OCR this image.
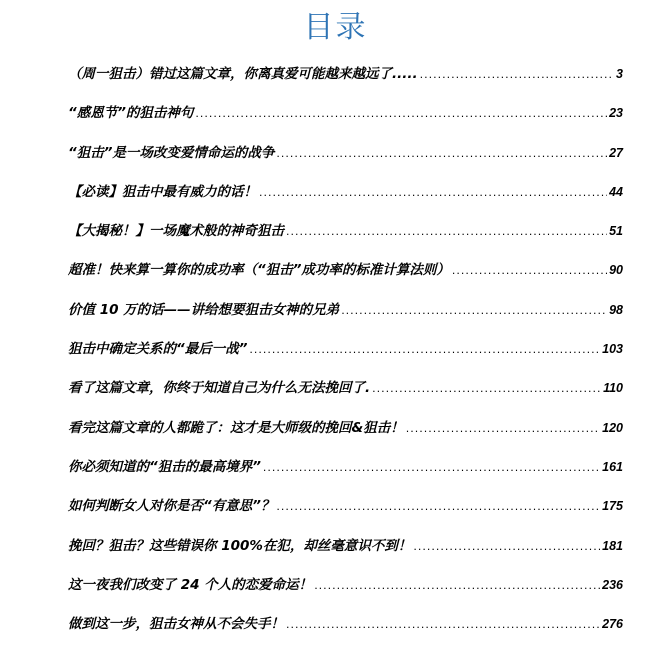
目录
（周一狙击）错过这篇文章，你离真爱可能越来越远了..... .....	3
“感恩节”的狙击神句 .....	23
“狙击”是一场改变爱情命运的战争 .....	27
【必读】狙击中最有威力的话！ .....	44
【大揭秘！】一场魔术般的神奇狙击 .....	51
超准！快来算一算你的成功率（“狙击”成功率的标准计算法则） .....	90
价值 10 万的话——讲给想要狙击女神的兄弟 .....	98
狙击中确定关系的“最后一战” .....	103
看了这篇文章，你终于知道自己为什么无法挽回了. .....	110
看完这篇文章的人都跪了：这才是大师级的挽回&狙击！ .....	120
你必须知道的“狙击的最高境界” .....	161
如何判断女人对你是否“有意思”？ .....	175
挽回？狙击？这些错误你 100%在犯，却丝毫意识不到！ .....	181
这一夜我们改变了 24 个人的恋爱命运！ .....	236
做到这一步，狙击女神从不会失手！ .....	276
